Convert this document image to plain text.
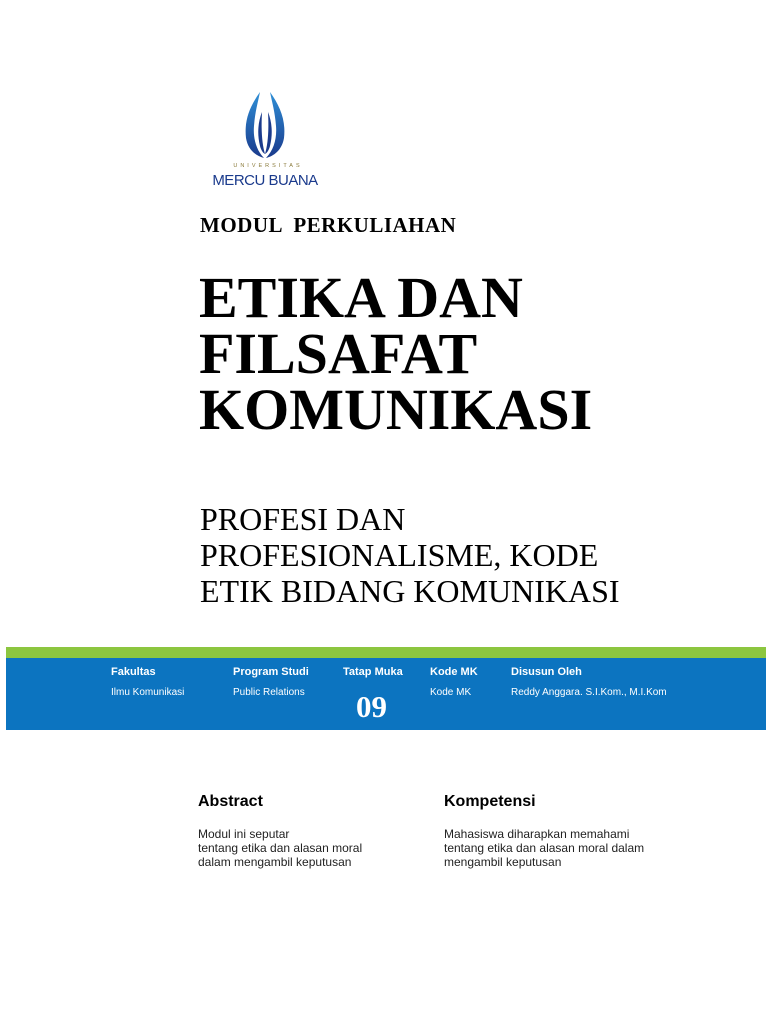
UNIVERSITAS
MERCU BUANA
MODUL  PERKULIAHAN
ETIKA DAN
FILSAFAT
KOMUNIKASI
PROFESI DAN
PROFESIONALISME, KODE
ETIK BIDANG KOMUNIKASI
Fakultas
Ilmu Komunikasi
Program Studi
Public Relations
Tatap Muka
09
Kode MK
Kode MK
Disusun Oleh
Reddy Anggara. S.I.Kom., M.I.Kom
Abstract
Modul ini seputar
tentang etika dan alasan moral
dalam mengambil keputusan
Kompetensi
Mahasiswa diharapkan memahami
tentang etika dan alasan moral dalam
mengambil keputusan
